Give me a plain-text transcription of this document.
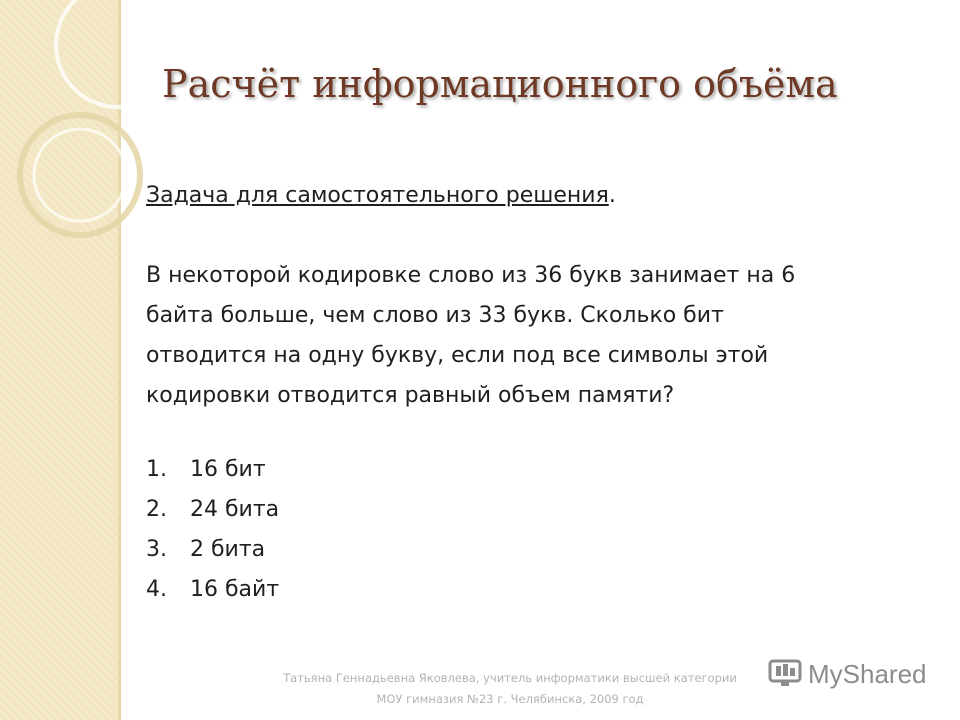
Расчёт информационного объёма
Задача для самостоятельного решения.
В некоторой кодировке слово из 36 букв занимает на 6
байта больше, чем слово из 33 букв. Сколько бит
отводится на одну букву, если под все символы этой
кодировки отводится равный объем памяти?
1. 16 бит
2. 24 бита
3. 2 бита
4. 16 байт
Татьяна Геннадьевна Яковлева, учитель информатики высшей категории
МОУ гимназия №23 г. Челябинска, 2009 год
MyShared
